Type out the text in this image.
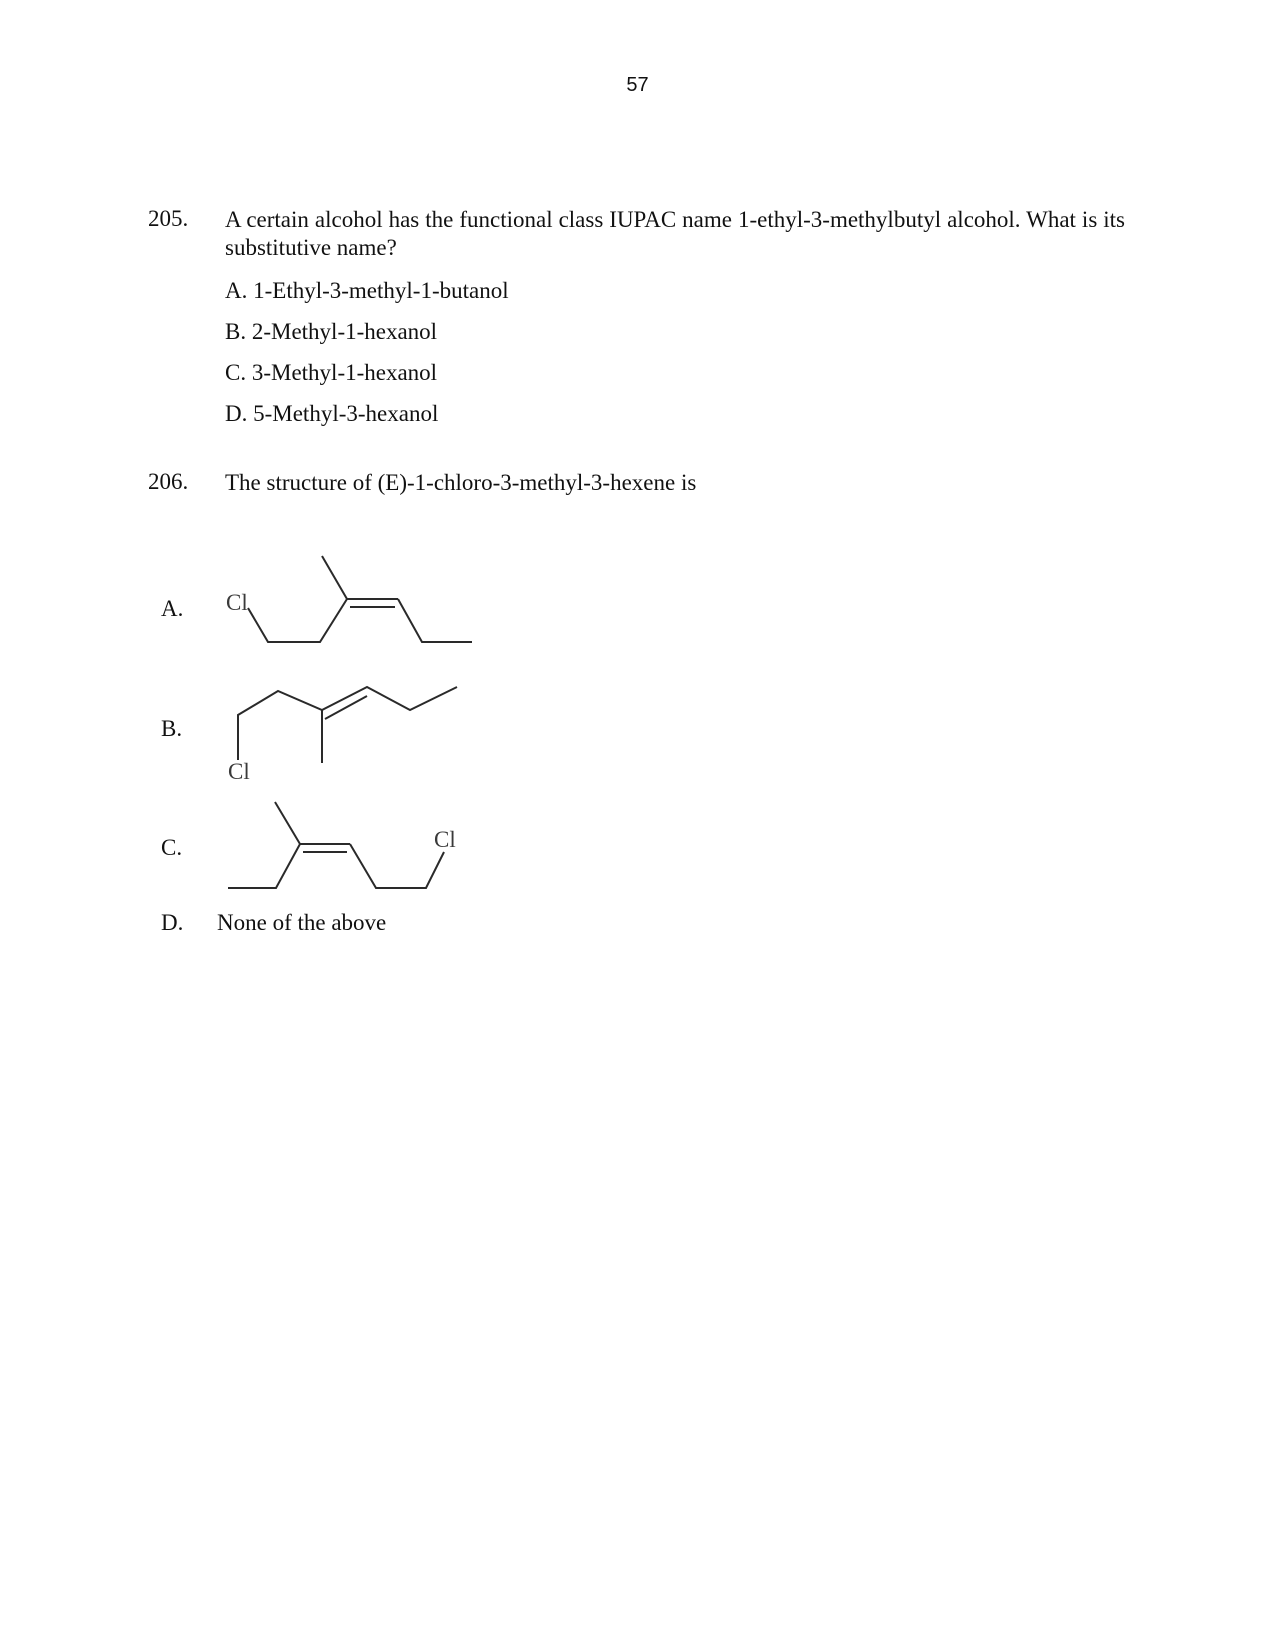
57
205. A certain alcohol has the functional class IUPAC name 1-ethyl-3-methylbutyl alcohol. What is its substitutive name?
A. 1-Ethyl-3-methyl-1-butanol
B. 2-Methyl-1-hexanol
C. 3-Methyl-1-hexanol
D. 5-Methyl-3-hexanol
206. The structure of (E)-1-chloro-3-methyl-3-hexene is
A. Cl
B.
Cl
C.	Cl
D. None of the above
